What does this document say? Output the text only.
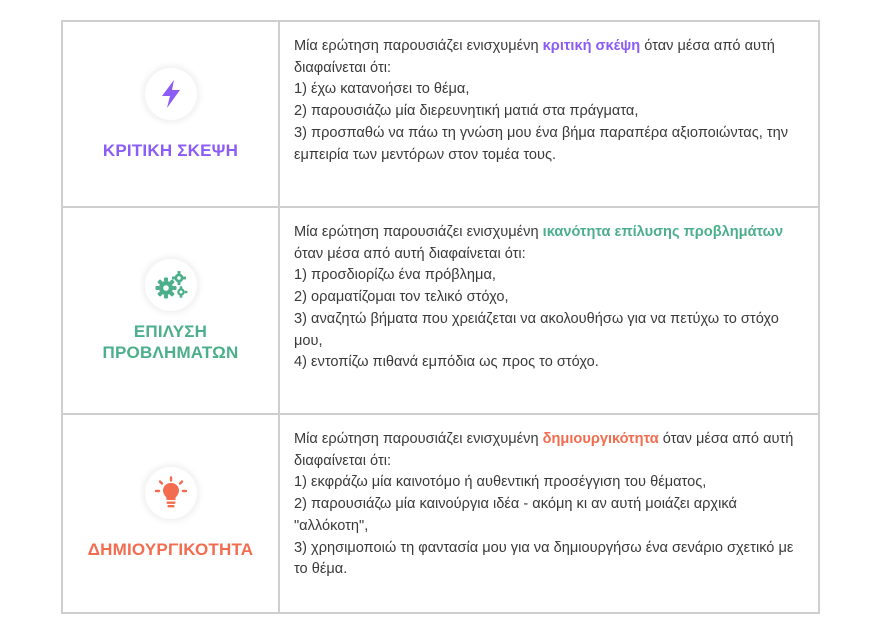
ΚΡΙΤΙΚΗ ΣΚΕΨΗ

Μία ερώτηση παρουσιάζει ενισχυμένη κριτική σκέψη όταν μέσα από αυτή διαφαίνεται ότι:

1) έχω κατανοήσει το θέμα,

2) παρουσιάζω μία διερευνητική ματιά στα πράγματα,

3) προσπαθώ να πάω τη γνώση μου ένα βήμα παραπέρα αξιοποιώντας, την εμπειρία των μεντόρων στον τομέα τους.

ΕΠΙΛΥΣΗ
ΠΡΟΒΛΗΜΑΤΩΝ

Μία ερώτηση παρουσιάζει ενισχυμένη ικανότητα επίλυσης προβλημάτων όταν μέσα από αυτή διαφαίνεται ότι:

1) προσδιορίζω ένα πρόβλημα,

2) οραματίζομαι τον τελικό στόχο,

3) αναζητώ βήματα που χρειάζεται να ακολουθήσω για να πετύχω το στόχο μου,

4) εντοπίζω πιθανά εμπόδια ως προς το στόχο.

ΔΗΜΙΟΥΡΓΙΚΟΤΗΤΑ

Μία ερώτηση παρουσιάζει ενισχυμένη δημιουργικότητα όταν μέσα από αυτή διαφαίνεται ότι:

1) εκφράζω μία καινοτόμο ή αυθεντική προσέγγιση του θέματος,

2) παρουσιάζω μία καινούργια ιδέα - ακόμη κι αν αυτή μοιάζει αρχικά "αλλόκοτη",

3) χρησιμοποιώ τη φαντασία μου για να δημιουργήσω ένα σενάριο σχετικό με το θέμα.
